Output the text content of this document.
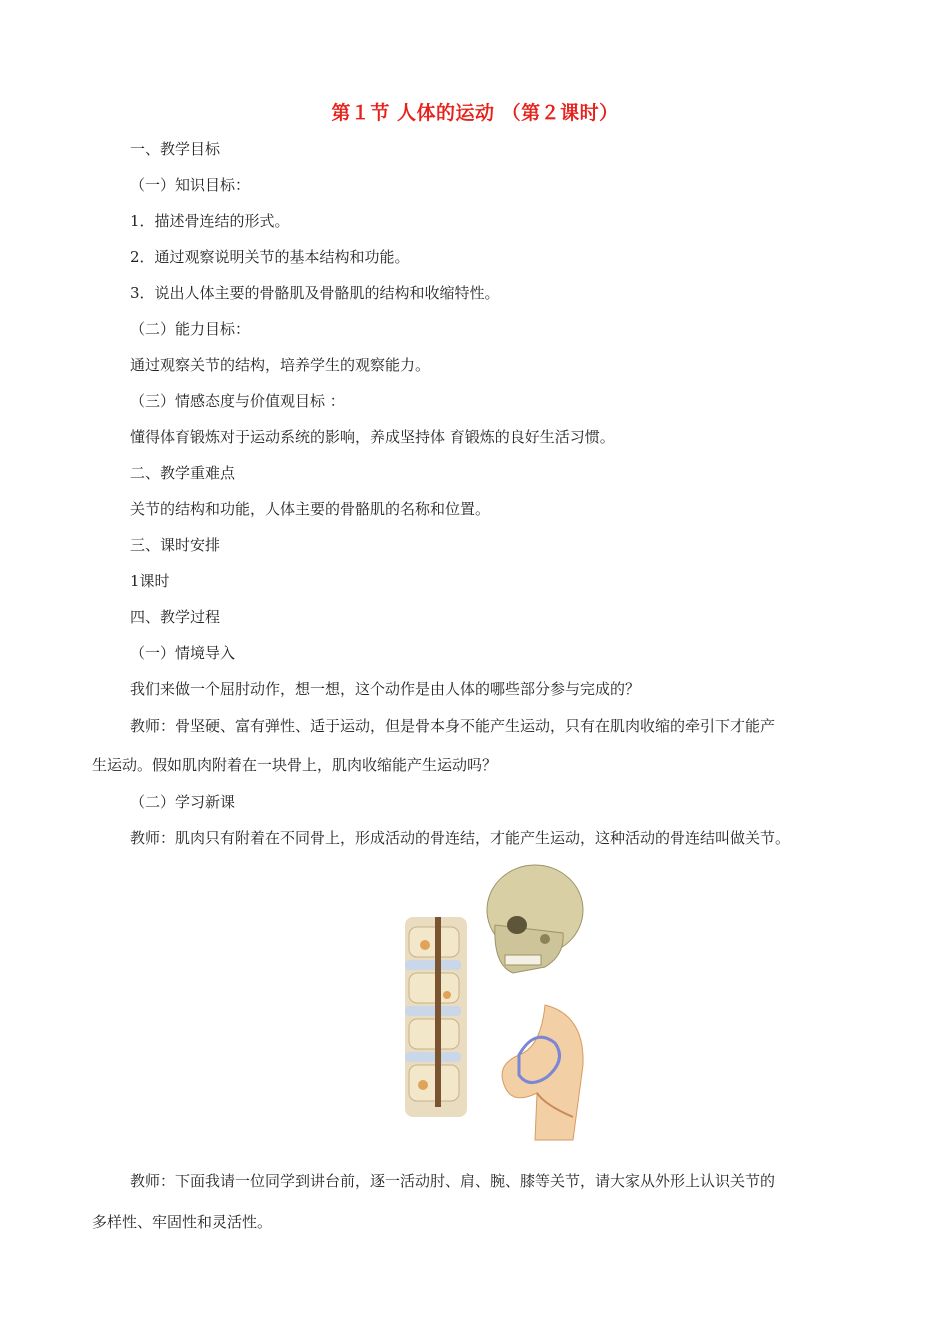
第１节 人体的运动 （第２课时）
一、教学目标
（一）知识目标：
1．描述骨连结的形式。
2．通过观察说明关节的基本结构和功能。
3．说出人体主要的骨骼肌及骨骼肌的结构和收缩特性。
（二）能力目标：
通过观察关节的结构，培养学生的观察能力。
（三）情感态度与价值观目标 ：
懂得体育锻炼对于运动系统的影响，养成坚持体 育锻炼的良好生活习惯。
二、教学重难点
关节的结构和功能，人体主要的骨骼肌的名称和位置。
三、课时安排
1课时
四、教学过程
（一）情境导入
我们来做一个屈肘动作，想一想，这个动作是由人体的哪些部分参与完成的？
教师：骨坚硬、富有弹性、适于运动，但是骨本身不能产生运动，只有在肌肉收缩的牵引下才能产
生运动。假如肌肉附着在一块骨上，肌肉收缩能产生运动吗？
（二）学习新课
教师：肌肉只有附着在不同骨上，形成活动的骨连结，才能产生运动，这种活动的骨连结叫做关节。
教师：下面我请一位同学到讲台前，逐一活动肘、肩、腕、膝等关节，请大家从外形上认识关节的
多样性、牢固性和灵活性。
